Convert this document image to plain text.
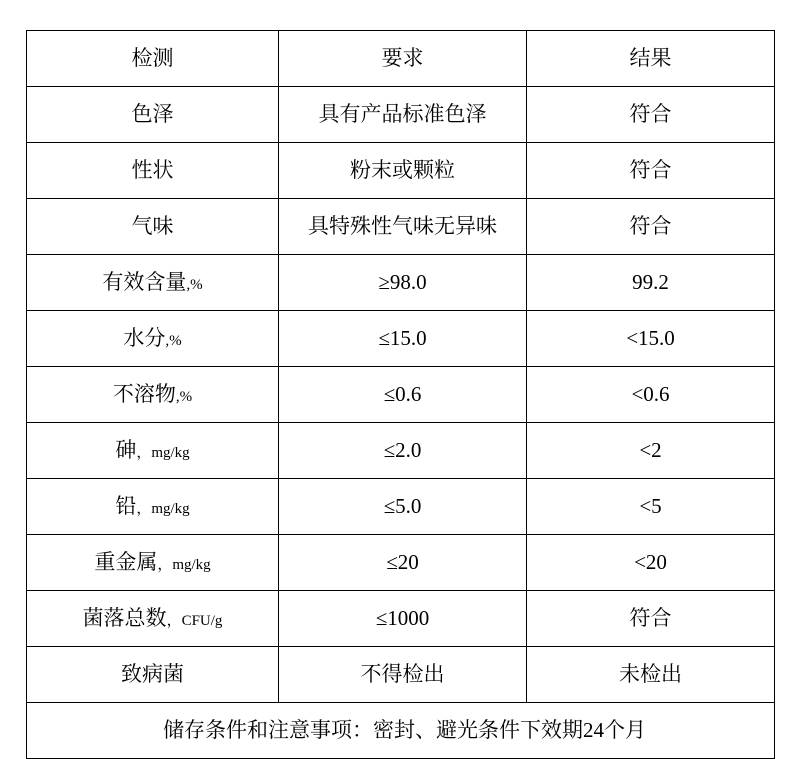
检测	要求	结果

色泽	具有产品标准色泽	符合

性状	粉末或颗粒	符合

气味	具特殊性气味无异味	符合

有效含量,%	≥98.0	99.2

水分,%	≤15.0	<15.0

不溶物,%	≤0.6	<0.6

砷，mg/kg	≤2.0	<2

铅，mg/kg	≤5.0	<5

重金属，mg/kg	≤20	<20

菌落总数，CFU/g	≤1000	符合

致病菌	不得检出	未检出

储存条件和注意事项：密封、避光条件下效期24个月		
